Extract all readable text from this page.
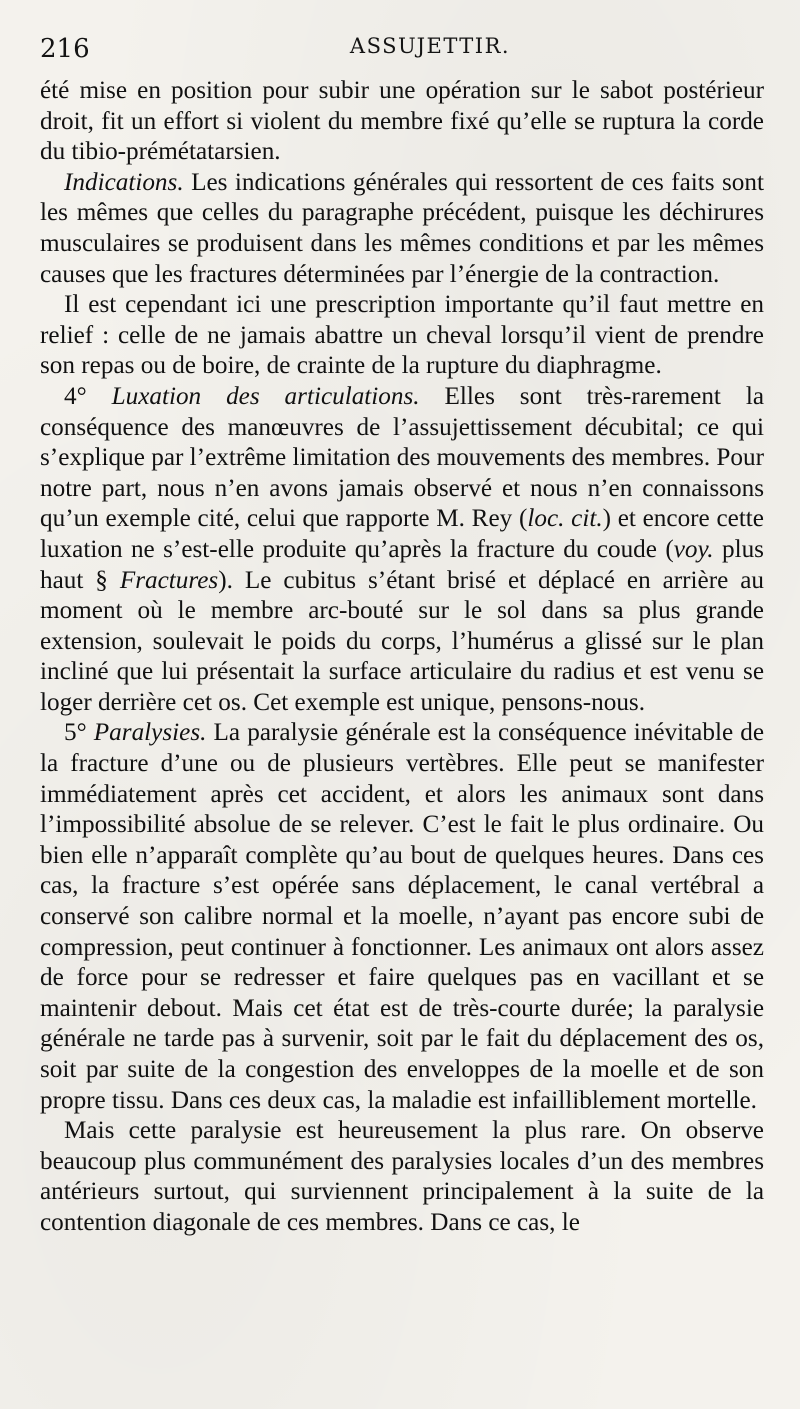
216	ASSUJETTIR.

été mise en position pour subir une opération sur le sabot postérieur droit, fit un effort si violent du membre fixé qu’elle se ruptura la corde du tibio-prémétatarsien.

Indications. Les indications générales qui ressortent de ces faits sont les mêmes que celles du paragraphe précédent, puisque les déchirures musculaires se produisent dans les mêmes conditions et par les mêmes causes que les fractures déterminées par l’énergie de la contraction.

Il est cependant ici une prescription importante qu’il faut mettre en relief : celle de ne jamais abattre un cheval lorsqu’il vient de prendre son repas ou de boire, de crainte de la rupture du diaphragme.

4° Luxation des articulations. Elles sont très-rarement la conséquence des manœuvres de l’assujettissement décubital; ce qui s’explique par l’extrême limitation des mouvements des membres. Pour notre part, nous n’en avons jamais observé et nous n’en connaissons qu’un exemple cité, celui que rapporte M. Rey (loc. cit.) et encore cette luxation ne s’est-elle produite qu’après la fracture du coude (voy. plus haut § Fractures). Le cubitus s’étant brisé et déplacé en arrière au moment où le membre arc-bouté sur le sol dans sa plus grande extension, soulevait le poids du corps, l’humérus a glissé sur le plan incliné que lui présentait la surface articulaire du radius et est venu se loger derrière cet os. Cet exemple est unique, pensons-nous.

5° Paralysies. La paralysie générale est la conséquence inévitable de la fracture d’une ou de plusieurs vertèbres. Elle peut se manifester immédiatement après cet accident, et alors les animaux sont dans l’impossibilité absolue de se relever. C’est le fait le plus ordinaire. Ou bien elle n’apparaît complète qu’au bout de quelques heures. Dans ces cas, la fracture s’est opérée sans déplacement, le canal vertébral a conservé son calibre normal et la moelle, n’ayant pas encore subi de compression, peut continuer à fonctionner. Les animaux ont alors assez de force pour se redresser et faire quelques pas en vacillant et se maintenir debout. Mais cet état est de très-courte durée; la paralysie générale ne tarde pas à survenir, soit par le fait du déplacement des os, soit par suite de la congestion des enveloppes de la moelle et de son propre tissu. Dans ces deux cas, la maladie est infailliblement mortelle.

Mais cette paralysie est heureusement la plus rare. On observe beaucoup plus communément des paralysies locales d’un des membres antérieurs surtout, qui surviennent principalement à la suite de la contention diagonale de ces membres. Dans ce cas, le
